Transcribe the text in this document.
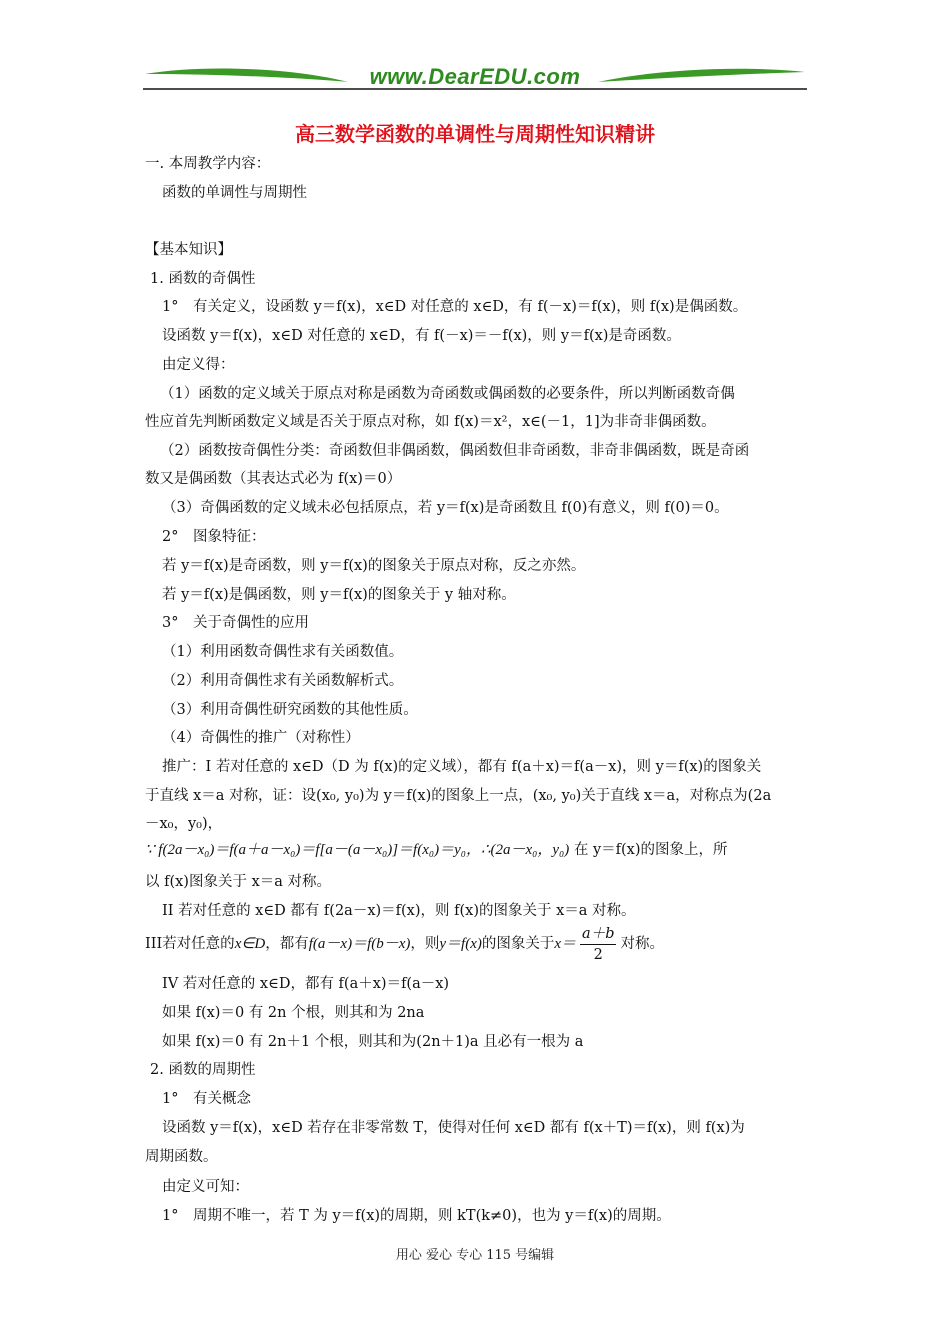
www.DearEDU.com
高三数学函数的单调性与周期性知识精讲
一. 本周教学内容：
函数的单调性与周期性
【基本知识】
1. 函数的奇偶性
1°　有关定义，设函数 y＝f(x)，x∈D 对任意的 x∈D，有 f(－x)＝f(x)，则 f(x)是偶函数。
设函数 y＝f(x)，x∈D 对任意的 x∈D，有 f(－x)＝－f(x)，则 y＝f(x)是奇函数。
由定义得：
（1）函数的定义域关于原点对称是函数为奇函数或偶函数的必要条件，所以判断函数奇偶
性应首先判断函数定义域是否关于原点对称，如 f(x)＝x²，x∈(－1，1]为非奇非偶函数。
（2）函数按奇偶性分类：奇函数但非偶函数，偶函数但非奇函数，非奇非偶函数，既是奇函
数又是偶函数（其表达式必为 f(x)＝0）
（3）奇偶函数的定义域未必包括原点，若 y＝f(x)是奇函数且 f(0)有意义，则 f(0)＝0。
2°　图象特征：
若 y＝f(x)是奇函数，则 y＝f(x)的图象关于原点对称，反之亦然。
若 y＝f(x)是偶函数，则 y＝f(x)的图象关于 y 轴对称。
3°　关于奇偶性的应用
（1）利用函数奇偶性求有关函数值。
（2）利用奇偶性求有关函数解析式。
（3）利用奇偶性研究函数的其他性质。
（4）奇偶性的推广（对称性）
推广：I 若对任意的 x∈D（D 为 f(x)的定义域），都有 f(a＋x)＝f(a－x)，则 y＝f(x)的图象关
于直线 x＝a 对称，证：设(x₀, y₀)为 y＝f(x)的图象上一点，(x₀, y₀)关于直线 x＝a，对称点为(2a
－x₀，y₀)，
∵ f(2a－x₀)＝f(a＋a－x₀)＝f[a－(a－x₀)]＝f(x₀)＝y₀，∴(2a－x₀，y₀) 在 y＝f(x)的图象上，所
以 f(x)图象关于 x＝a 对称。
II 若对任意的 x∈D 都有 f(2a－x)＝f(x)，则 f(x)的图象关于 x＝a 对称。
III若对任意的x∈D，都有f(a－x)＝f(b－x)，则y＝f(x)的图象关于$x= \frac{a+b}{2}$ 对称。
IV 若对任意的 x∈D，都有 f(a＋x)＝f(a－x)
如果 f(x)＝0 有 2n 个根，则其和为 2na
如果 f(x)＝0 有 2n＋1 个根，则其和为(2n＋1)a 且必有一根为 a
2. 函数的周期性
1°　有关概念
设函数 y＝f(x)，x∈D 若存在非零常数 T，使得对任何 x∈D 都有 f(x＋T)＝f(x)，则 f(x)为
周期函数。
由定义可知：
1°　周期不唯一，若 T 为 y＝f(x)的周期，则 kT(k≠0)，也为 y＝f(x)的周期。
用心 爱心 专心 115 号编辑
